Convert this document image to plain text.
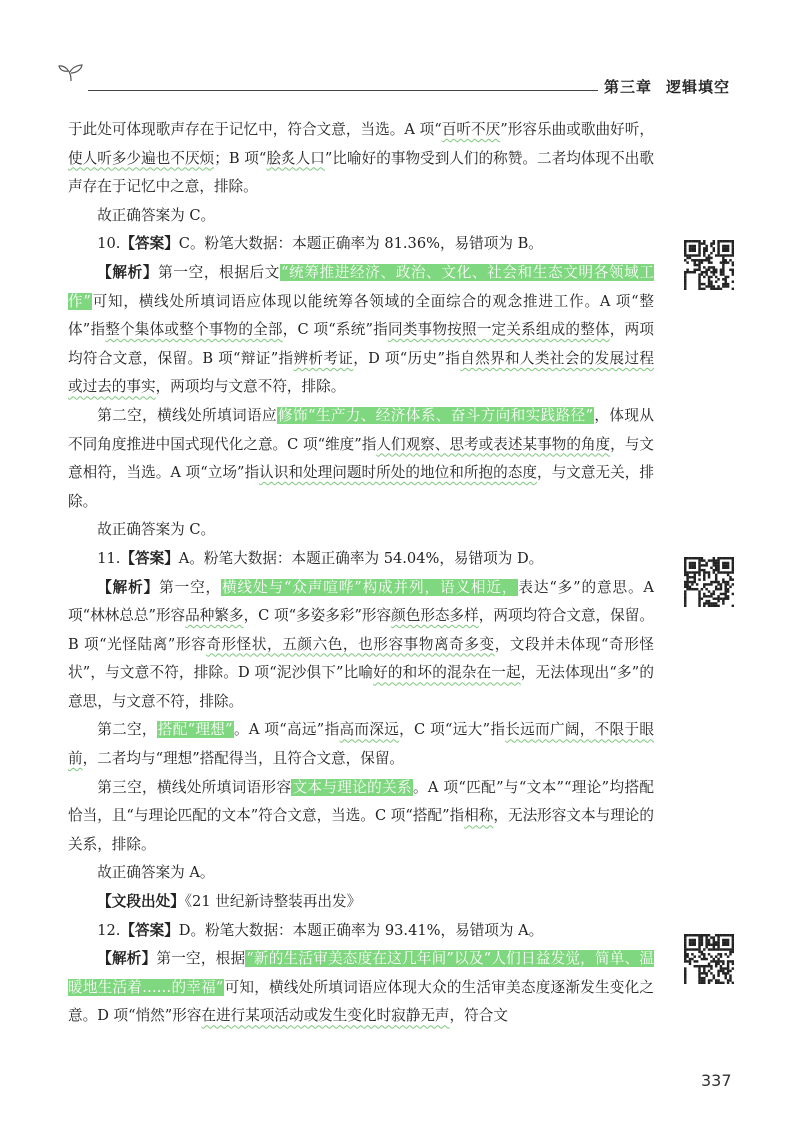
第三章 逻辑填空

于此处可体现歌声存在于记忆中，符合文意，当选。A 项“百听不厌”形容乐曲或歌曲好听，使人听多少遍也不厌烦；B 项“脍炙人口”比喻好的事物受到人们的称赞。二者均体现不出歌声存在于记忆中之意，排除。

故正确答案为 C。

10.【答案】C。粉笔大数据：本题正确率为 81.36%，易错项为 B。

【解析】第一空，根据后文“统筹推进经济、政治、文化、社会和生态文明各领域工作”可知，横线处所填词语应体现以能统筹各领域的全面综合的观念推进工作。A 项“整体”指整个集体或整个事物的全部，C 项“系统”指同类事物按照一定关系组成的整体，两项均符合文意，保留。B 项“辩证”指辨析考证，D 项“历史”指自然界和人类社会的发展过程或过去的事实，两项均与文意不符，排除。

第二空，横线处所填词语应修饰“生产力、经济体系、奋斗方向和实践路径”，体现从不同角度推进中国式现代化之意。C 项“维度”指人们观察、思考或表述某事物的角度，与文意相符，当选。A 项“立场”指认识和处理问题时所处的地位和所抱的态度，与文意无关，排除。

故正确答案为 C。

11.【答案】A。粉笔大数据：本题正确率为 54.04%，易错项为 D。

【解析】第一空，横线处与“众声喧哗”构成并列，语义相近，表达“多”的意思。A 项“林林总总”形容品种繁多，C 项“多姿多彩”形容颜色形态多样，两项均符合文意，保留。B 项“光怪陆离”形容奇形怪状，五颜六色，也形容事物离奇多变，文段并未体现“奇形怪状”，与文意不符，排除。D 项“泥沙俱下”比喻好的和坏的混杂在一起，无法体现出“多”的意思，与文意不符，排除。

第二空，搭配“理想”。A 项“高远”指高而深远，C 项“远大”指长远而广阔，不限于眼前，二者均与“理想”搭配得当，且符合文意，保留。

第三空，横线处所填词语形容文本与理论的关系。A 项“匹配”与“文本”“理论”均搭配恰当，且“与理论匹配的文本”符合文意，当选。C 项“搭配”指相称，无法形容文本与理论的关系，排除。

故正确答案为 A。

【文段出处】《21 世纪新诗整装再出发》

12.【答案】D。粉笔大数据：本题正确率为 93.41%，易错项为 A。

【解析】第一空，根据“新的生活审美态度在这几年间”以及“人们日益发觉，简单、温暖地生活着……的幸福”可知，横线处所填词语应体现大众的生活审美态度逐渐发生变化之意。D 项“悄然”形容在进行某项活动或发生变化时寂静无声，符合文

337
